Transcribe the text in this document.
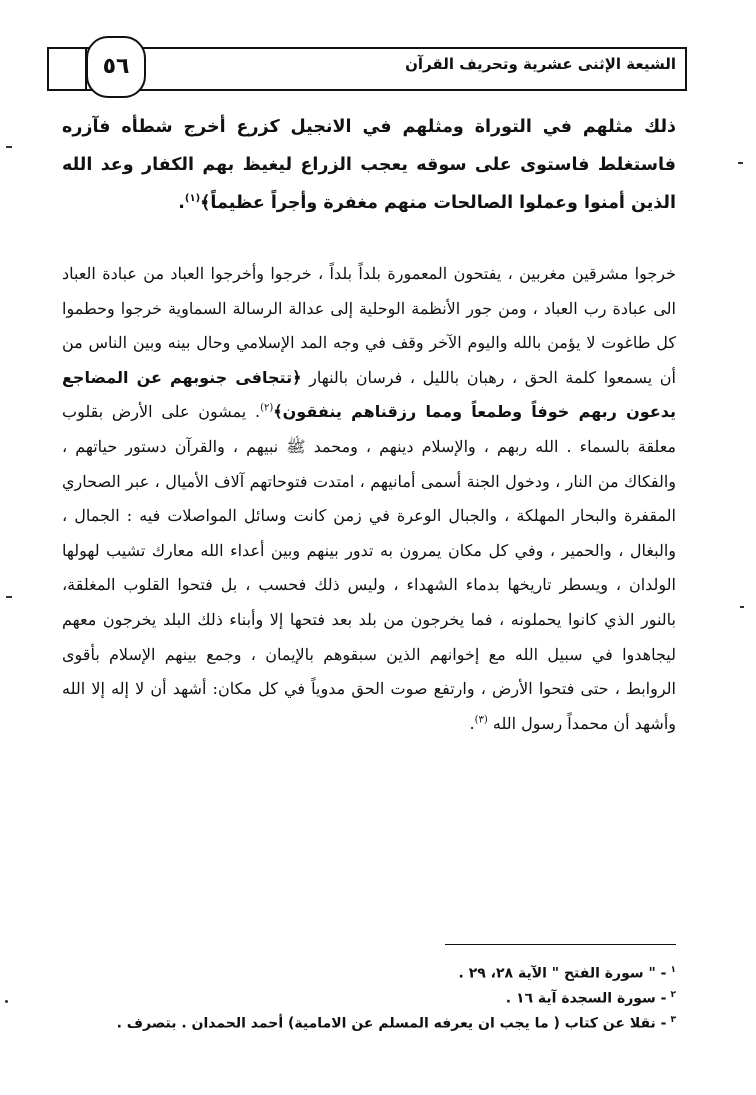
٥٦	الشيعة الإثنى عشرية وتحريف القرآن
ذلك مثلهم في التوراة ومثلهم في الانجيل كزرع أخرج شطأه فآزره فاستغلط فاستوى على سوقه يعجب الزراع ليغيظ بهم الكفار وعد الله الذين أمنوا وعملوا الصالحات منهم مغفرة وأجراً عظيماً﴾$^{(١)}$.
خرجوا مشرقين مغربين ، يفتحون المعمورة بلداً بلداً ، خرجوا وأخرجوا العباد من عبادة العباد الى عبادة رب العباد ، ومن جور الأنظمة الوحلية إلى عدالة الرسالة السماوية خرجوا وحطموا كل طاغوت لا يؤمن بالله واليوم الآخر وقف في وجه المد الإسلامي وحال بينه وبين الناس من أن يسمعوا كلمة الحق ، رهبان بالليل ، فرسان بالنهار ﴿تتجافى جنوبهم عن المضاجع يدعون ربهم خوفاً وطمعاً ومما رزقناهم ينفقون﴾$^{(٢)}$. يمشون على الأرض بقلوب معلقة بالسماء . الله ربهم ، والإسلام دينهم ، ومحمد ﷺ نبيهم ، والقرآن دستور حياتهم ، والفكاك من النار ، ودخول الجنة أسمى أمانيهم ، امتدت فتوحاتهم آلاف الأميال ، عبر الصحاري المقفرة والبحار المهلكة ، والجبال الوعرة في زمن كانت وسائل المواصلات فيه : الجمال ، والبغال ، والحمير ، وفي كل مكان يمرون به تدور بينهم وبين أعداء الله معارك تشيب لهولها الولدان ، ويسطر تاريخها بدماء الشهداء ، وليس ذلك فحسب ، بل فتحوا القلوب المغلقة، بالنور الذي كانوا يحملونه ، فما يخرجون من بلد بعد فتحها إلا وأبناء ذلك البلد يخرجون معهم ليجاهدوا في سبيل الله مع إخوانهم الذين سبقوهم بالإيمان ، وجمع بينهم الإسلام بأقوى الروابط ، حتى فتحوا الأرض ، وارتفع صوت الحق مدوياً في كل مكان: أشهد أن لا إله إلا الله وأشهد أن محمداً رسول الله $^{(٣)}$.
$^١$- " سورة الفتح " الآية ٢٨، ٢٩ .
$^٢$- سورة السجدة آية ١٦ .
$^٣$- نقلا عن كتاب ( ما يجب ان يعرفه المسلم عن الامامية) أحمد الحمدان . بتصرف .
